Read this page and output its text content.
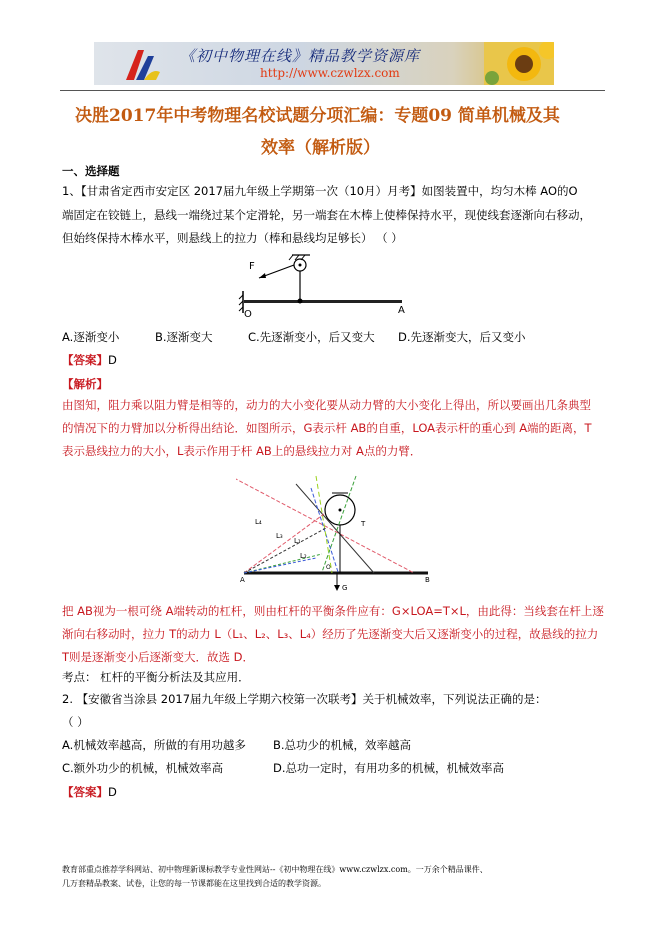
《初中物理在线》精品教学资源库
http://www.czwlzx.com
决胜2017年中考物理名校试题分项汇编：专题09 简单机械及其
效率（解析版）
一、选择题
1、【甘肃省定西市安定区 2017届九年级上学期第一次（10月）月考】如图装置中，均匀木棒 AO的O
端固定在铰链上，悬线一端绕过某个定滑轮，另一端套在木棒上使棒保持水平，现使线套逐渐向右移动，
但始终保持木棒水平，则悬线上的拉力（棒和悬线均足够长） （ ）
F
O	A
A.逐渐变小	B.逐渐变大	C.先逐渐变小，后又变大 D.先逐渐变大，后又变小
【答案】D
【解析】
由图知，阻力乘以阻力臂是相等的，动力的大小变化要从动力臂的大小变化上得出，所以要画出几条典型
的情况下的力臂加以分析得出结论．如图所示，G表示杆 AB的自重，LOA表示杆的重心到 A端的距离，T
表示悬线拉力的大小，L表示作用于杆 AB上的悬线拉力对 A点的力臂．
L₄
L₃
L₂
L₁
T
A	B
O
G
把 AB视为一根可绕 A端转动的杠杆，则由杠杆的平衡条件应有：G×LOA=T×L，由此得：当线套在杆上逐
渐向右移动时，拉力 T的动力 L（L₁、L₂、L₃、L₄）经历了先逐渐变大后又逐渐变小的过程，故悬线的拉力
T则是逐渐变小后逐渐变大．故选 D．
考点： 杠杆的平衡分析法及其应用．
2. 【安徽省当涂县 2017届九年级上学期六校第一次联考】关于机械效率，下列说法正确的是：
（ ）
A.机械效率越高，所做的有用功越多 B.总功少的机械，效率越高
C.额外功少的机械，机械效率高	D.总功一定时，有用功多的机械，机械效率高
【答案】D
教育部重点推荐学科网站、初中物理新课标教学专业性网站--《初中物理在线》www.czwlzx.com。一万余个精品课件、
几万套精品教案、试卷，让您的每一节课都能在这里找到合适的教学资源。
